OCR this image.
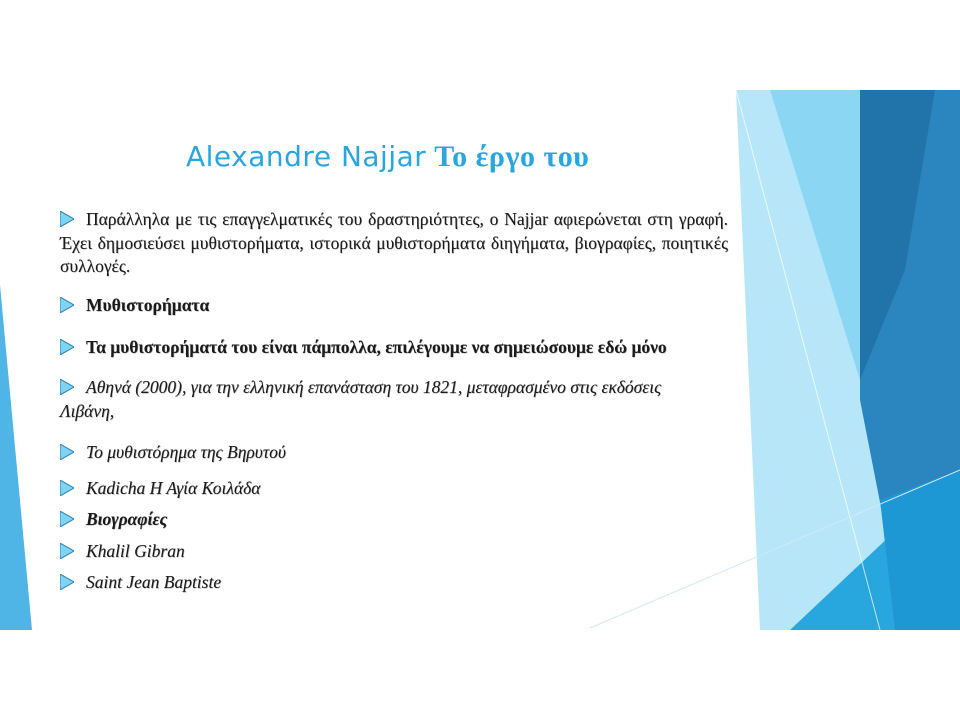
Alexandre Najjar Το έργο του
Παράλληλα με τις επαγγελματικές του δραστηριότητες, ο Najjar αφιερώνεται στη γραφή. Έχει δημοσιεύσει μυθιστορήματα, ιστορικά μυθιστορήματα διηγήματα, βιογραφίες, ποιητικές συλλογές.
Μυθιστορήματα
Τα μυθιστορήματά του είναι πάμπολλα, επιλέγουμε να σημειώσουμε εδώ μόνο
Αθηνά (2000), για την ελληνική επανάσταση του 1821, μεταφρασμένο στις εκδόσεις Λιβάνη,
Το μυθιστόρημα της Βηρυτού
Kadicha Η Αγία Κοιλάδα
Βιογραφίες
Khalil Gibran
Saint Jean Baptiste
